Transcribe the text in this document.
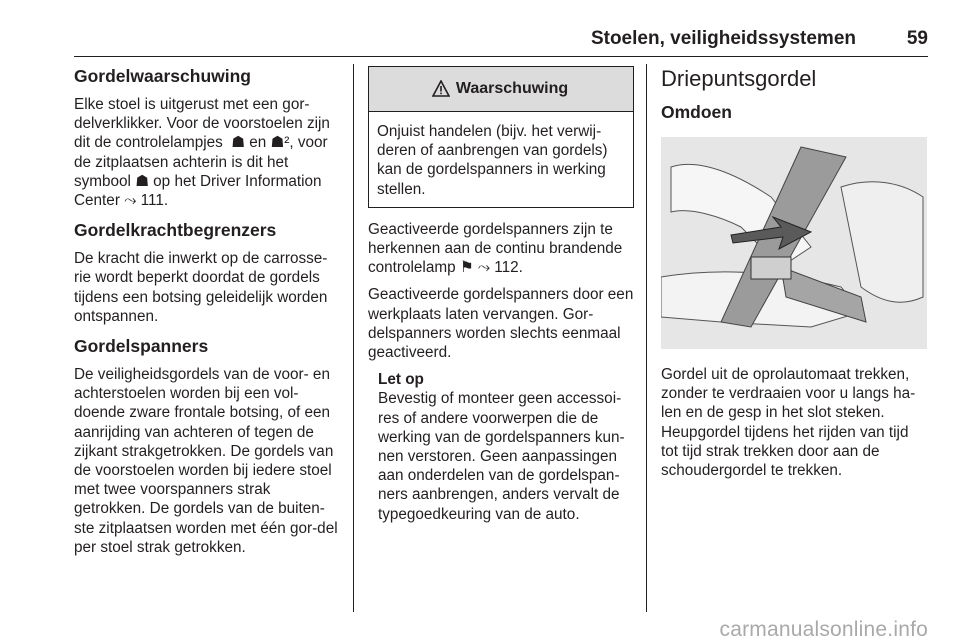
Stoelen, veiligheidssystemen	59
Gordelwaarschuwing

Elke stoel is uitgerust met een gor-delverklikker. Voor de voorstoelen zijn dit de controlelampjes  ☗ en ☗², voor de zitplaatsen achterin is dit het symbool ☗ op het Driver Information Center ⤳ 111.

Gordelkrachtbegrenzers

De kracht die inwerkt op de carrosse-rie wordt beperkt doordat de gordels tijdens een botsing geleidelijk worden ontspannen.

Gordelspanners

De veiligheidsgordels van de voor- en achterstoelen worden bij een vol-doende zware frontale botsing, of een aanrijding van achteren of tegen de zijkant strakgetrokken. De gordels van de voorstoelen worden bij iedere stoel met twee voorspanners strak getrokken. De gordels van de buiten-ste zitplaatsen worden met één gor-del per stoel strak getrokken.

Waarschuwing
Onjuist handelen (bijv. het verwij-deren of aanbrengen van gordels) kan de gordelspanners in werking stellen.

Geactiveerde gordelspanners zijn te herkennen aan de continu brandende controlelamp ⚑ ⤳ 112.

Geactiveerde gordelspanners door een werkplaats laten vervangen. Gor-delspanners worden slechts eenmaal geactiveerd.

Let op

Bevestig of monteer geen accessoi-res of andere voorwerpen die de werking van de gordelspanners kun-nen verstoren. Geen aanpassingen aan onderdelen van de gordelspan-ners aanbrengen, anders vervalt de typegoedkeuring van de auto.

Driepuntsgordel
Omdoen

Gordel uit de oprolautomaat trekken, zonder te verdraaien voor u langs ha-len en de gesp in het slot steken. Heupgordel tijdens het rijden van tijd tot tijd strak trekken door aan de schoudergordel te trekken.

carmanualsonline.info
